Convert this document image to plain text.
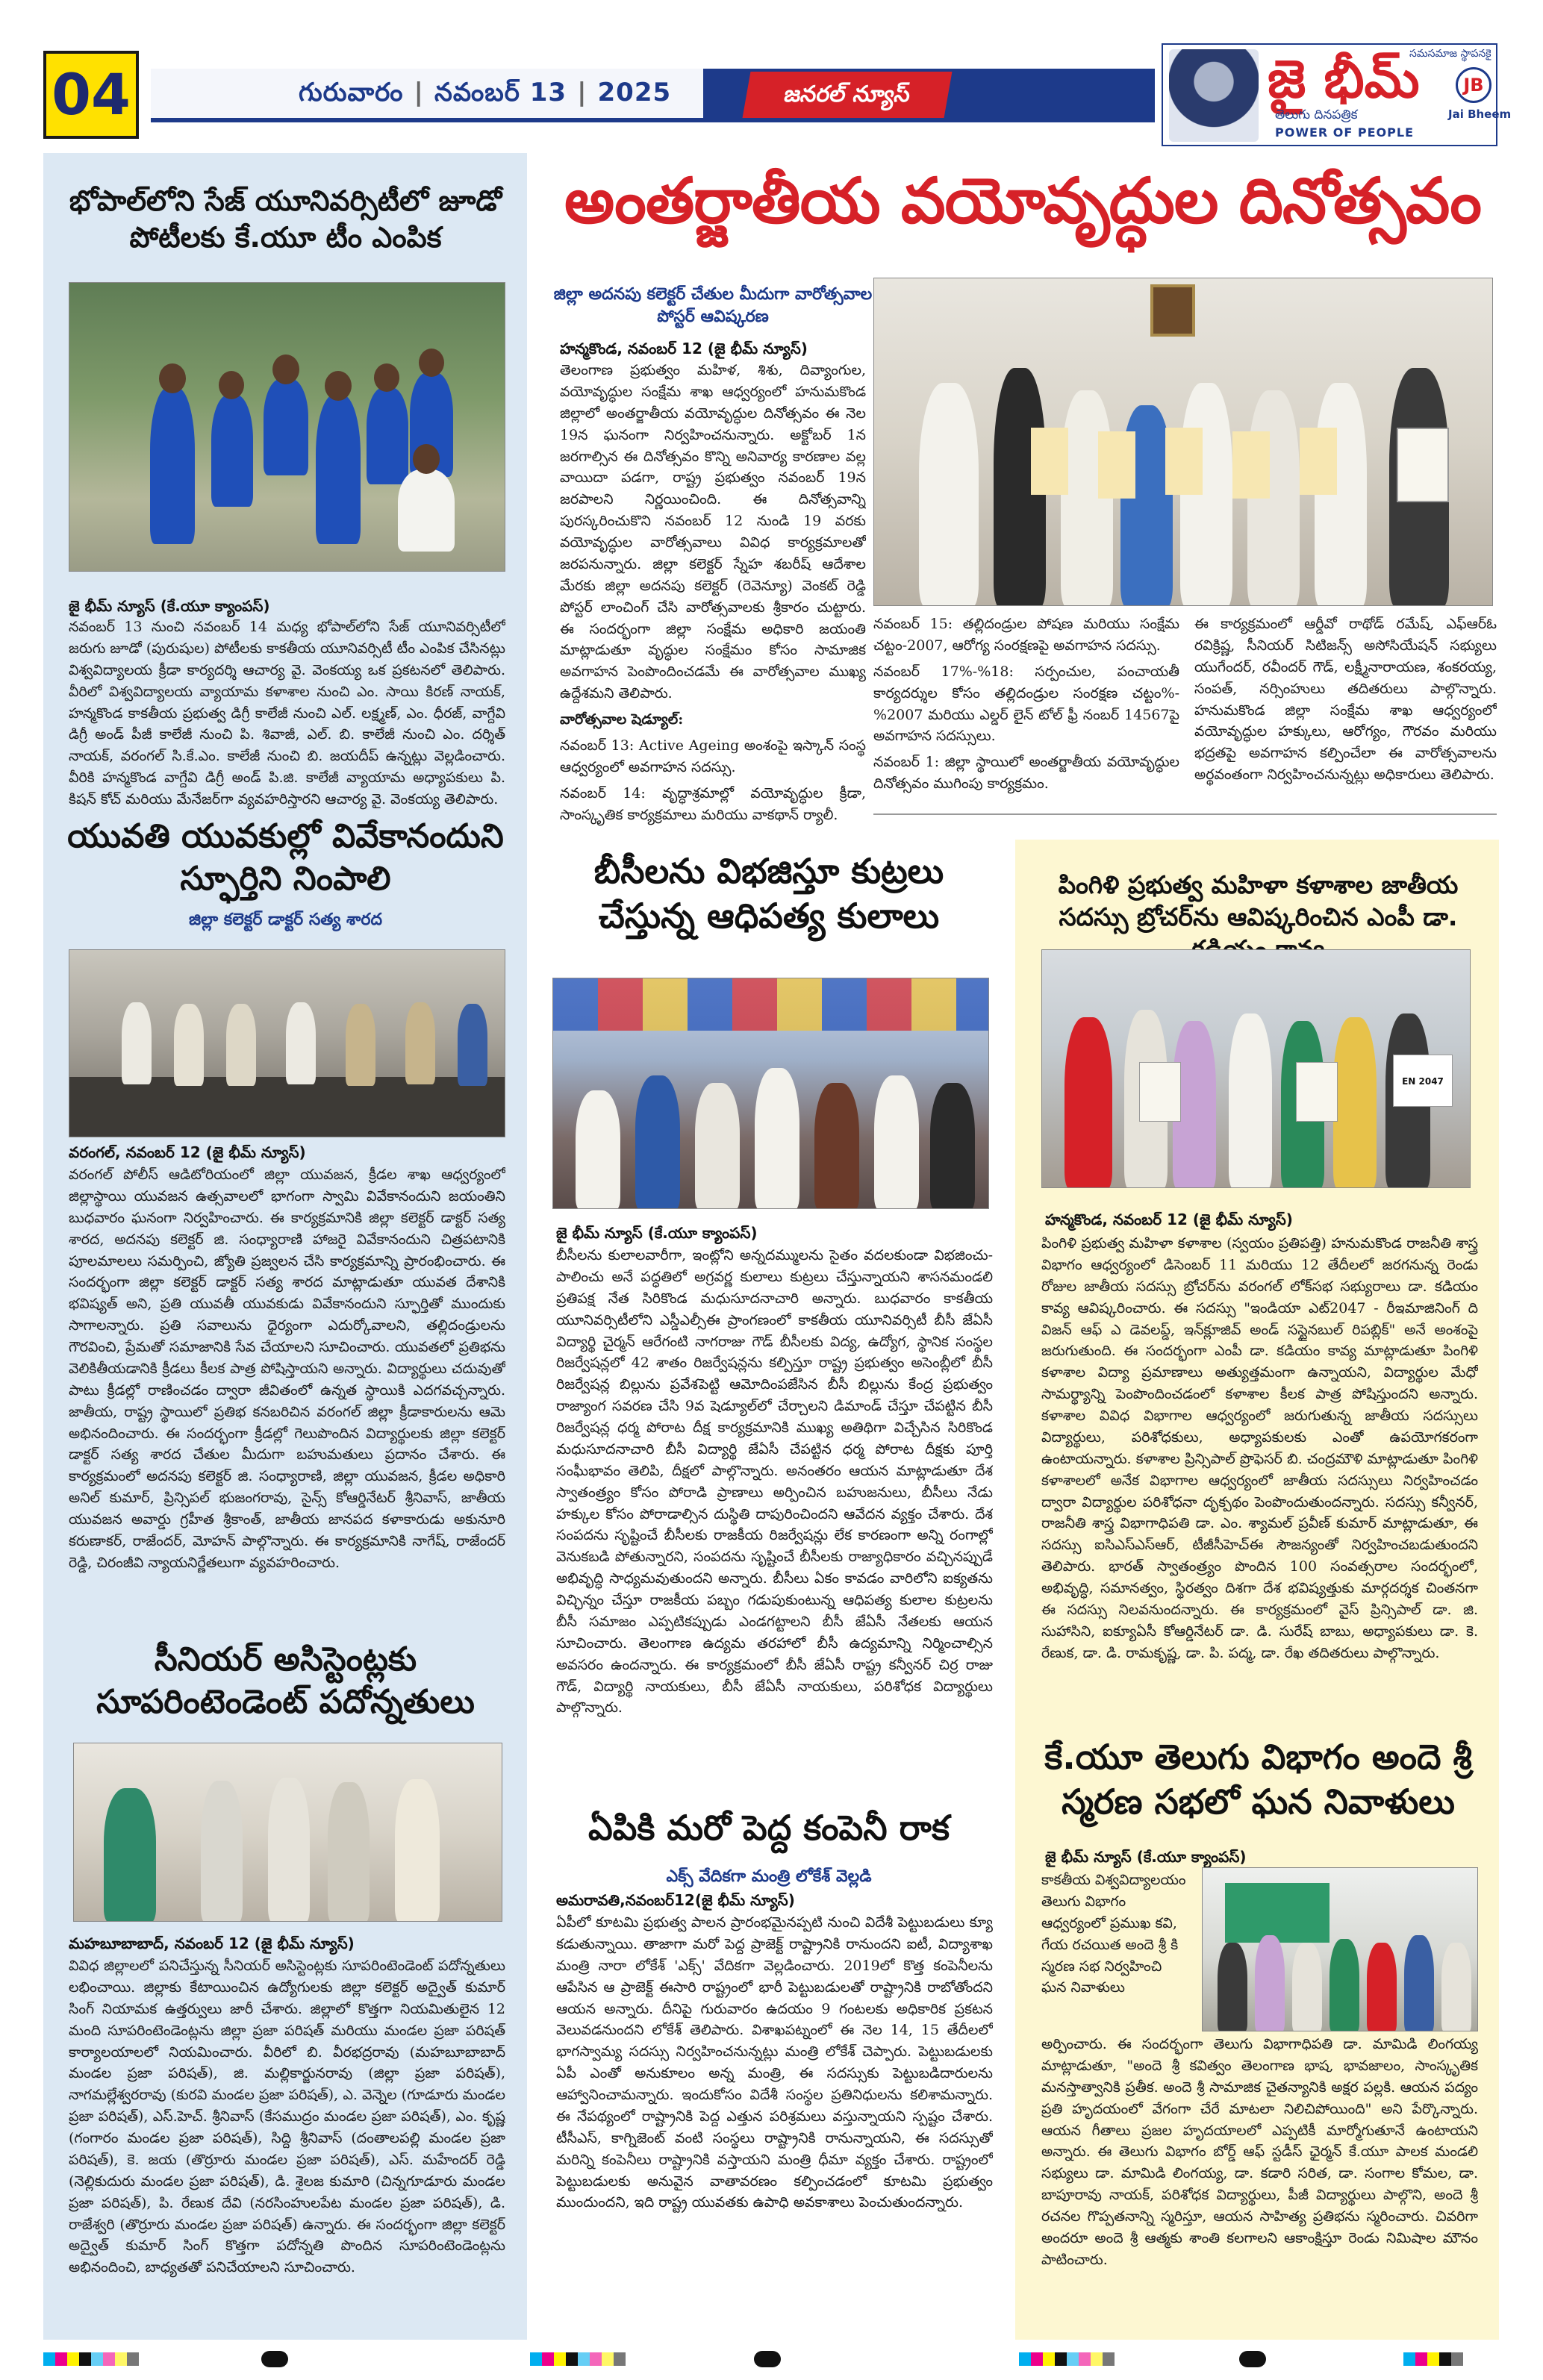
04	గురువారం | నవంబర్ 13 | 2025	జనరల్ న్యూస్	జై భీమ్
సమసమాజ స్థాపనకై
JB
Jai Bheem
తెలుగు దినపత్రిక
POWER OF PEOPLE
భోపాల్‌లోని సేజ్ యూనివర్సిటీలో జూడో పోటీలకు కే.యూ టీం ఎంపిక
జై భీమ్ న్యూస్ (కే.యూ క్యాంపస్)
నవంబర్ 13 నుంచి నవంబర్ 14 మధ్య భోపాల్‌లోని సేజ్ యూనివర్సిటీలో జరుగు జూడో (పురుషుల) పోటీలకు కాకతీయ యూనివర్సిటీ టీం ఎంపిక చేసినట్లు విశ్వవిద్యాలయ క్రీడా కార్యదర్శి ఆచార్య వై. వెంకయ్య ఒక ప్రకటనలో తెలిపారు. వీరిలో విశ్వవిద్యాలయ వ్యాయామ కళాశాల నుంచి ఎం. సాయి కిరణ్ నాయక్, హన్మకొండ కాకతీయ ప్రభుత్వ డిగ్రీ కాలేజీ నుంచి ఎల్. లక్ష్మణ్, ఎం. ధీరజ్, వాగ్దేవి డిగ్రీ అండ్ పీజీ కాలేజీ నుంచి పి. శివాజీ, ఎల్. బి. కాలేజీ నుంచి ఎం. దర్శిత్ నాయక్, వరంగల్ సి.కే.ఎం. కాలేజీ నుంచి బి. జయదీప్ ఉన్నట్లు వెల్లడించారు. వీరికి హన్మకొండ వాగ్దేవి డిగ్రీ అండ్ పి.జి. కాలేజీ వ్యాయామ అధ్యాపకులు పి. కిషన్ కోచ్ మరియు మేనేజర్‌గా వ్యవహరిస్తారని ఆచార్య వై. వెంకయ్య తెలిపారు.
యువతి యువకుల్లో వివేకానందుని స్ఫూర్తిని నింపాలి
జిల్లా కలెక్టర్ డాక్టర్ సత్య శారద
వరంగల్, నవంబర్ 12 (జై భీమ్ న్యూస్)
వరంగల్ పోలీస్ ఆడిటోరియంలో జిల్లా యువజన, క్రీడల శాఖ ఆధ్వర్యంలో జిల్లాస్థాయి యువజన ఉత్సవాలలో భాగంగా స్వామి వివేకానందుని జయంతిని బుధవారం ఘనంగా నిర్వహించారు. ఈ కార్యక్రమానికి జిల్లా కలెక్టర్ డాక్టర్ సత్య శారద, అదనపు కలెక్టర్ జి. సంధ్యారాణి హాజరై వివేకానందుని చిత్రపటానికి పూలమాలలు సమర్పించి, జ్యోతి ప్రజ్వలన చేసి కార్యక్రమాన్ని ప్రారంభించారు. ఈ సందర్భంగా జిల్లా కలెక్టర్ డాక్టర్ సత్య శారద మాట్లాడుతూ యువత దేశానికి భవిష్యత్ అని, ప్రతి యువతీ యువకుడు వివేకానందుని స్ఫూర్తితో ముందుకు సాగాలన్నారు. ప్రతి సవాలును ధైర్యంగా ఎదుర్కోవాలని, తల్లిదండ్రులను గౌరవించి, ప్రేమతో సమాజానికి సేవ చేయాలని సూచించారు. యువతలో ప్రతిభను వెలికితీయడానికి క్రీడలు కీలక పాత్ర పోషిస్తాయని అన్నారు. విద్యార్థులు చదువుతో పాటు క్రీడల్లో రాణించడం ద్వారా జీవితంలో ఉన్నత స్థాయికి ఎదగవచ్చన్నారు. జాతీయ, రాష్ట్ర స్థాయిలో ప్రతిభ కనబరిచిన వరంగల్ జిల్లా క్రీడాకారులను ఆమె అభినందించారు. ఈ సందర్భంగా క్రీడల్లో గెలుపొందిన విద్యార్థులకు జిల్లా కలెక్టర్ డాక్టర్ సత్య శారద చేతుల మీదుగా బహుమతులు ప్రదానం చేశారు. ఈ కార్యక్రమంలో అదనపు కలెక్టర్ జి. సంధ్యారాణి, జిల్లా యువజన, క్రీడల అధికారి అనిల్ కుమార్, ప్రిన్సిపల్ భుజంగరావు, సైన్స్ కోఆర్డినేటర్ శ్రీనివాస్, జాతీయ యువజన అవార్డు గ్రహీత శ్రీకాంత్, జాతీయ జానపద కళాకారుడు అకునూరి కరుణాకర్, రాజేందర్, మోహన్ పాల్గొన్నారు. ఈ కార్యక్రమానికి నాగేష్, రాజేందర్ రెడ్డి, చిరంజీవి న్యాయనిర్ణేతలుగా వ్యవహరించారు.
సీనియర్ అసిస్టెంట్లకు సూపరింటెండెంట్ పదోన్నతులు
మహబూబాబాద్, నవంబర్ 12 (జై భీమ్ న్యూస్)
వివిధ జిల్లాలలో పనిచేస్తున్న సీనియర్ అసిస్టెంట్లకు సూపరింటెండెంట్ పదోన్నతులు లభించాయి. జిల్లాకు కేటాయించిన ఉద్యోగులకు జిల్లా కలెక్టర్ అద్వైత్ కుమార్ సింగ్ నియామక ఉత్తర్వులు జారీ చేశారు. జిల్లాలో కొత్తగా నియమితులైన 12 మంది సూపరింటెండెంట్లను జిల్లా ప్రజా పరిషత్ మరియు మండల ప్రజా పరిషత్ కార్యాలయాలలో నియమించారు. వీరిలో బి. వీరభద్రరావు (మహబూబాబాద్ మండల ప్రజా పరిషత్), జి. మల్లికార్జునరావు (జిల్లా ప్రజా పరిషత్), నాగమల్లేశ్వరరావు (కురవి మండల ప్రజా పరిషత్), ఎ. వెన్నెల (గూడూరు మండల ప్రజా పరిషత్), ఎస్.హెచ్. శ్రీనివాస్ (కేసముద్రం మండల ప్రజా పరిషత్), ఎం. కృష్ణ (గంగారం మండల ప్రజా పరిషత్), సిద్ది శ్రీనివాస్ (దంతాలపల్లి మండల ప్రజా పరిషత్), కె. జయ (తొర్రూరు మండల ప్రజా పరిషత్), ఎస్. మహేందర్ రెడ్డి (నెల్లికుదురు మండల ప్రజా పరిషత్), డి. శైలజ కుమారి (చిన్నగూడూరు మండల ప్రజా పరిషత్), పి. రేణుక దేవి (నరసింహులపేట మండల ప్రజా పరిషత్), డి. రాజేశ్వరి (తొర్రూరు మండల ప్రజా పరిషత్) ఉన్నారు. ఈ సందర్భంగా జిల్లా కలెక్టర్ అద్వైత్ కుమార్ సింగ్ కొత్తగా పదోన్నతి పొందిన సూపరింటెండెంట్లను అభినందించి, బాధ్యతతో పనిచేయాలని సూచించారు.
అంతర్జాతీయ వయోవృద్ధుల దినోత్సవం
జిల్లా అదనపు కలెక్టర్ చేతుల మీదుగా వారోత్సవాల పోస్టర్ ఆవిష్కరణ
హన్మకొండ, నవంబర్ 12 (జై భీమ్ న్యూస్)

తెలంగాణ ప్రభుత్వం మహిళ, శిశు, దివ్యాంగుల, వయోవృద్ధుల సంక్షేమ శాఖ ఆధ్వర్యంలో హనుమకొండ జిల్లాలో అంతర్జాతీయ వయోవృద్ధుల దినోత్సవం ఈ నెల 19న ఘనంగా నిర్వహించనున్నారు. అక్టోబర్ 1న జరగాల్సిన ఈ దినోత్సవం కొన్ని అనివార్య కారణాల వల్ల వాయిదా పడగా, రాష్ట్ర ప్రభుత్వం నవంబర్ 19న జరపాలని నిర్ణయించింది. ఈ దినోత్సవాన్ని పురస్కరించుకొని నవంబర్ 12 నుండి 19 వరకు వయోవృద్ధుల వారోత్సవాలు వివిధ కార్యక్రమాలతో జరపనున్నారు. జిల్లా కలెక్టర్ స్నేహ శబరీష్ ఆదేశాల మేరకు జిల్లా అదనపు కలెక్టర్ (రెవెన్యూ) వెంకట్ రెడ్డి పోస్టర్ లాంచింగ్ చేసి వారోత్సవాలకు శ్రీకారం చుట్టారు. ఈ సందర్భంగా జిల్లా సంక్షేమ అధికారి జయంతి మాట్లాడుతూ వృద్ధుల సంక్షేమం కోసం సామాజిక అవగాహన పెంపొందించడమే ఈ వారోత్సవాల ముఖ్య ఉద్దేశమని తెలిపారు.

వారోత్సవాల షెడ్యూల్:

నవంబర్ 13: Active Ageing అంశంపై ఇస్కాన్ సంస్థ ఆధ్వర్యంలో అవగాహన సదస్సు.

నవంబర్ 14: వృద్ధాశ్రమాల్లో వయోవృద్ధుల క్రీడా, సాంస్కృతిక కార్యక్రమాలు మరియు వాకథాన్ ర్యాలీ.

నవంబర్ 15: తల్లిదండ్రుల పోషణ మరియు సంక్షేమ చట్టం-2007, ఆరోగ్య సంరక్షణపై అవగాహన సదస్సు.

నవంబర్ 17%-%18: సర్పంచుల, పంచాయతీ కార్యదర్శుల కోసం తల్లిదండ్రుల సంరక్షణ చట్టం%-%2007 మరియు ఎల్డర్ లైన్ టోల్ ఫ్రీ నంబర్ 14567పై అవగాహన సదస్సులు.

నవంబర్ 1: జిల్లా స్థాయిలో అంతర్జాతీయ వయోవృద్ధుల దినోత్సవం ముగింపు కార్యక్రమం.

ఈ కార్యక్రమంలో ఆర్డీవో రాథోడ్ రమేష్, ఎఫ్ఆర్ఓ రవిక్రిష్ణ, సీనియర్ సిటిజన్స్ అసోసియేషన్ సభ్యులు యుగేందర్, రవీందర్ గౌడ్, లక్ష్మీనారాయణ, శంకరయ్య, సంపత్, నర్సింహులు తదితరులు పాల్గొన్నారు. హనుమకొండ జిల్లా సంక్షేమ శాఖ ఆధ్వర్యంలో వయోవృద్ధుల హక్కులు, ఆరోగ్యం, గౌరవం మరియు భద్రతపై అవగాహన కల్పించేలా ఈ వారోత్సవాలను అర్థవంతంగా నిర్వహించనున్నట్లు అధికారులు తెలిపారు.
బీసీలను విభజిస్తూ కుట్రలు చేస్తున్న ఆధిపత్య కులాలు
జై భీమ్ న్యూస్ (కే.యూ క్యాంపస్)
బీసీలను కులాలవారీగా, ఇంట్లోని అన్నదమ్ములను సైతం వదలకుండా విభజించు-పాలించు అనే పద్ధతిలో అగ్రవర్ణ కులాలు కుట్రలు చేస్తున్నాయని శాసనమండలి ప్రతిపక్ష నేత సిరికొండ మధుసూదనాచారి అన్నారు. బుధవారం కాకతీయ యూనివర్సిటీలోని ఎస్డీఎల్సీఈ ప్రాంగణంలో కాకతీయ యూనివర్సిటీ బీసీ జేఏసీ విద్యార్థి చైర్మన్ ఆరేగంటి నాగరాజు గౌడ్ బీసీలకు విద్య, ఉద్యోగ, స్థానిక సంస్థల రిజర్వేషన్లలో 42 శాతం రిజర్వేషన్లను కల్పిస్తూ రాష్ట్ర ప్రభుత్వం అసెంబ్లీలో బీసీ రిజర్వేషన్ల బిల్లును ప్రవేశపెట్టి ఆమోదింపజేసిన బీసీ బిల్లును కేంద్ర ప్రభుత్వం రాజ్యాంగ సవరణ చేసి 9వ షెడ్యూల్‌లో చేర్చాలని డిమాండ్ చేస్తూ చేపట్టిన బీసీ రిజర్వేషన్ల ధర్మ పోరాట దీక్ష కార్యక్రమానికి ముఖ్య అతిథిగా విచ్చేసిన సిరికొండ మధుసూదనాచారి బీసీ విద్యార్థి జేఏసీ చేపట్టిన ధర్మ పోరాట దీక్షకు పూర్తి సంఘీభావం తెలిపి, దీక్షలో పాల్గొన్నారు. అనంతరం ఆయన మాట్లాడుతూ దేశ స్వాతంత్ర్యం కోసం పోరాడి ప్రాణాలు అర్పించిన బహుజనులు, బీసీలు నేడు హక్కుల కోసం పోరాడాల్సిన దుస్థితి దాపురించిందని ఆవేదన వ్యక్తం చేశారు. దేశ సంపదను సృష్టించే బీసీలకు రాజకీయ రిజర్వేషన్లు లేక కారణంగా అన్ని రంగాల్లో వెనుకబడి పోతున్నారని, సంపదను సృష్టించే బీసీలకు రాజ్యాధికారం వచ్చినప్పుడే అభివృద్ధి సాధ్యమవుతుందని అన్నారు. బీసీలు ఏకం కావడం వారిలోని ఐక్యతను విచ్ఛిన్నం చేస్తూ రాజకీయ పబ్బం గడుపుకుంటున్న ఆధిపత్య కులాల కుట్రలను బీసీ సమాజం ఎప్పటికప్పుడు ఎండగట్టాలని బీసీ జేఏసీ నేతలకు ఆయన సూచించారు. తెలంగాణ ఉద్యమ తరహాలో బీసీ ఉద్యమాన్ని నిర్మించాల్సిన అవసరం ఉందన్నారు. ఈ కార్యక్రమంలో బీసీ జేఏసీ రాష్ట్ర కన్వీనర్ చిర్ర రాజు గౌడ్, విద్యార్థి నాయకులు, బీసీ జేఏసీ నాయకులు, పరిశోధక విద్యార్థులు పాల్గొన్నారు.
ఏపికి మరో పెద్ద కంపెనీ రాక
ఎక్స్ వేదికగా మంత్రి లోకేశ్ వెల్లడి
అమరావతి,నవంబర్12(జై భీమ్ న్యూస్)
ఏపీలో కూటమి ప్రభుత్వ పాలన ప్రారంభమైనప్పటి నుంచి విదేశీ పెట్టుబడులు క్యూ కడుతున్నాయి. తాజాగా మరో పెద్ద ప్రాజెక్ట్ రాష్ట్రానికి రానుందని ఐటీ, విద్యాశాఖ మంత్రి నారా లోకేశ్ 'ఎక్స్' వేదికగా వెల్లడించారు. 2019లో కొత్త కంపెనీలను ఆపేసిన ఆ ప్రాజెక్ట్ ఈసారి రాష్ట్రంలో భారీ పెట్టుబడులతో రాష్ట్రానికి రాబోతోందని ఆయన అన్నారు. దీనిపై గురువారం ఉదయం 9 గంటలకు అధికారిక ప్రకటన వెలువడనుందని లోకేశ్ తెలిపారు. విశాఖపట్నంలో ఈ నెల 14, 15 తేదీలలో భాగస్వామ్య సదస్సు నిర్వహించనున్నట్లు మంత్రి లోకేశ్ చెప్పారు. పెట్టుబడులకు ఏపీ ఎంతో అనుకూలం అన్న మంత్రి, ఈ సదస్సుకు పెట్టుబడిదారులను ఆహ్వానించామన్నారు. ఇందుకోసం విదేశీ సంస్థల ప్రతినిధులను కలిశామన్నారు. ఈ నేపథ్యంలో రాష్ట్రానికి పెద్ద ఎత్తున పరిశ్రమలు వస్తున్నాయని స్పష్టం చేశారు. టీసీఎస్, కాగ్నిజెంట్ వంటి సంస్థలు రాష్ట్రానికి రానున్నాయని, ఈ సదస్సుతో మరిన్ని కంపెనీలు రాష్ట్రానికి వస్తాయని మంత్రి ధీమా వ్యక్తం చేశారు. రాష్ట్రంలో పెట్టుబడులకు అనువైన వాతావరణం కల్పించడంలో కూటమి ప్రభుత్వం ముందుందని, ఇది రాష్ట్ర యువతకు ఉపాధి అవకాశాలు పెంచుతుందన్నారు.
పింగిళి ప్రభుత్వ మహిళా కళాశాల జాతీయ సదస్సు బ్రోచర్‌ను ఆవిష్కరించిన ఎంపీ డా.
EN 2047
హన్మకొండ, నవంబర్ 12 (జై భీమ్ న్యూస్)
పింగిళి ప్రభుత్వ మహిళా కళాశాల (స్వయం ప్రతిపత్తి) హనుమకొండ రాజనీతి శాస్త్ర విభాగం ఆధ్వర్యంలో డిసెంబర్ 11 మరియు 12 తేదీలలో జరగనున్న రెండు రోజుల జాతీయ సదస్సు బ్రోచర్‌ను వరంగల్ లోక్‌సభ సభ్యురాలు డా. కడియం కావ్య ఆవిష్కరించారు. ఈ సదస్సు "ఇండియా ఎట్2047 - రీఇమాజినింగ్ ది విజన్ ఆఫ్ ఎ డెవలప్డ్, ఇన్‌క్లూజివ్ అండ్ సస్టైనబుల్ రిపబ్లిక్" అనే అంశంపై జరుగుతుంది. ఈ సందర్భంగా ఎంపీ డా. కడియం కావ్య మాట్లాడుతూ పింగిళి కళాశాల విద్యా ప్రమాణాలు అత్యుత్తమంగా ఉన్నాయని, విద్యార్థుల మేధో సామర్థ్యాన్ని పెంపొందించడంలో కళాశాల కీలక పాత్ర పోషిస్తుందని అన్నారు. కళాశాల వివిధ విభాగాల ఆధ్వర్యంలో జరుగుతున్న జాతీయ సదస్సులు విద్యార్థులు, పరిశోధకులు, అధ్యాపకులకు ఎంతో ఉపయోగకరంగా ఉంటాయన్నారు. కళాశాల ప్రిన్సిపాల్ ప్రొఫెసర్ బి. చంద్రమౌళి మాట్లాడుతూ పింగిళి కళాశాలలో అనేక విభాగాల ఆధ్వర్యంలో జాతీయ సదస్సులు నిర్వహించడం ద్వారా విద్యార్థుల పరిశోధనా దృక్పథం పెంపొందుతుందన్నారు. సదస్సు కన్వీనర్, రాజనీతి శాస్త్ర విభాగాధిపతి డా. ఎం. శ్యామల్ ప్రవీణ్ కుమార్ మాట్లాడుతూ, ఈ సదస్సు ఐసిఎస్‌ఎస్‌ఆర్, టీజీసీహెచ్ఈ సౌజన్యంతో నిర్వహించబడుతుందని తెలిపారు. భారత్ స్వాతంత్ర్యం పొందిన 100 సంవత్సరాల సందర్భంలో, అభివృద్ధి, సమానత్వం, స్థిరత్వం దిశగా దేశ భవిష్యత్తుకు మార్గదర్శక చింతనగా ఈ సదస్సు నిలవనుందన్నారు. ఈ కార్యక్రమంలో వైస్ ప్రిన్సిపాల్ డా. జి. సుహాసిని, ఐక్యూఏసీ కోఆర్డినేటర్ డా. డి. సురేష్ బాబు, అధ్యాపకులు డా. కె. రేణుక, డా. డి. రామకృష్ణ, డా. పి. పద్మ, డా. రేఖ తదితరులు పాల్గొన్నారు.
కే.యూ తెలుగు విభాగం అందె శ్రీ స్మరణ సభలో ఘన నివాళులు
జై భీమ్ న్యూస్ (కే.యూ క్యాంపస్)
కాకతీయ విశ్వవిద్యాలయం తెలుగు విభాగం ఆధ్వర్యంలో ప్రముఖ కవి, గేయ రచయిత అందె శ్రీ కి స్మరణ సభ నిర్వహించి ఘన నివాళులు
అర్పించారు. ఈ సందర్భంగా తెలుగు విభాగాధిపతి డా. మామిడి లింగయ్య మాట్లాడుతూ, "అందె శ్రీ కవిత్వం తెలంగాణ భాష, భావజాలం, సాంస్కృతిక మనస్తాత్వానికి ప్రతీక. అందె శ్రీ సామాజిక చైతన్యానికి అక్షర పల్లకి. ఆయన పద్యం ప్రతి హృదయంలో వేగంగా చేరే మాటలా నిలిచిపోయింది" అని పేర్కొన్నారు. ఆయన గీతాలు ప్రజల హృదయాలలో ఎప్పటికీ మార్మోగుతూనే ఉంటాయని అన్నారు. ఈ తెలుగు విభాగం బోర్డ్ ఆఫ్ స్టడీస్ ఛైర్మన్ కే.యూ పాలక మండలి సభ్యులు డా. మామిడి లింగయ్య, డా. కడారి సరిత, డా. సంగాల కోమల, డా. బాపూరావు నాయక్, పరిశోధక విద్యార్థులు, పీజీ విద్యార్థులు పాల్గొని, అందె శ్రీ రచనల గొప్పతనాన్ని స్మరిస్తూ, ఆయన సాహిత్య ప్రతిభను స్మరించారు. చివరిగా అందరూ అందె శ్రీ ఆత్మకు శాంతి కలగాలని ఆకాంక్షిస్తూ రెండు నిమిషాల మౌనం పాటించారు.
